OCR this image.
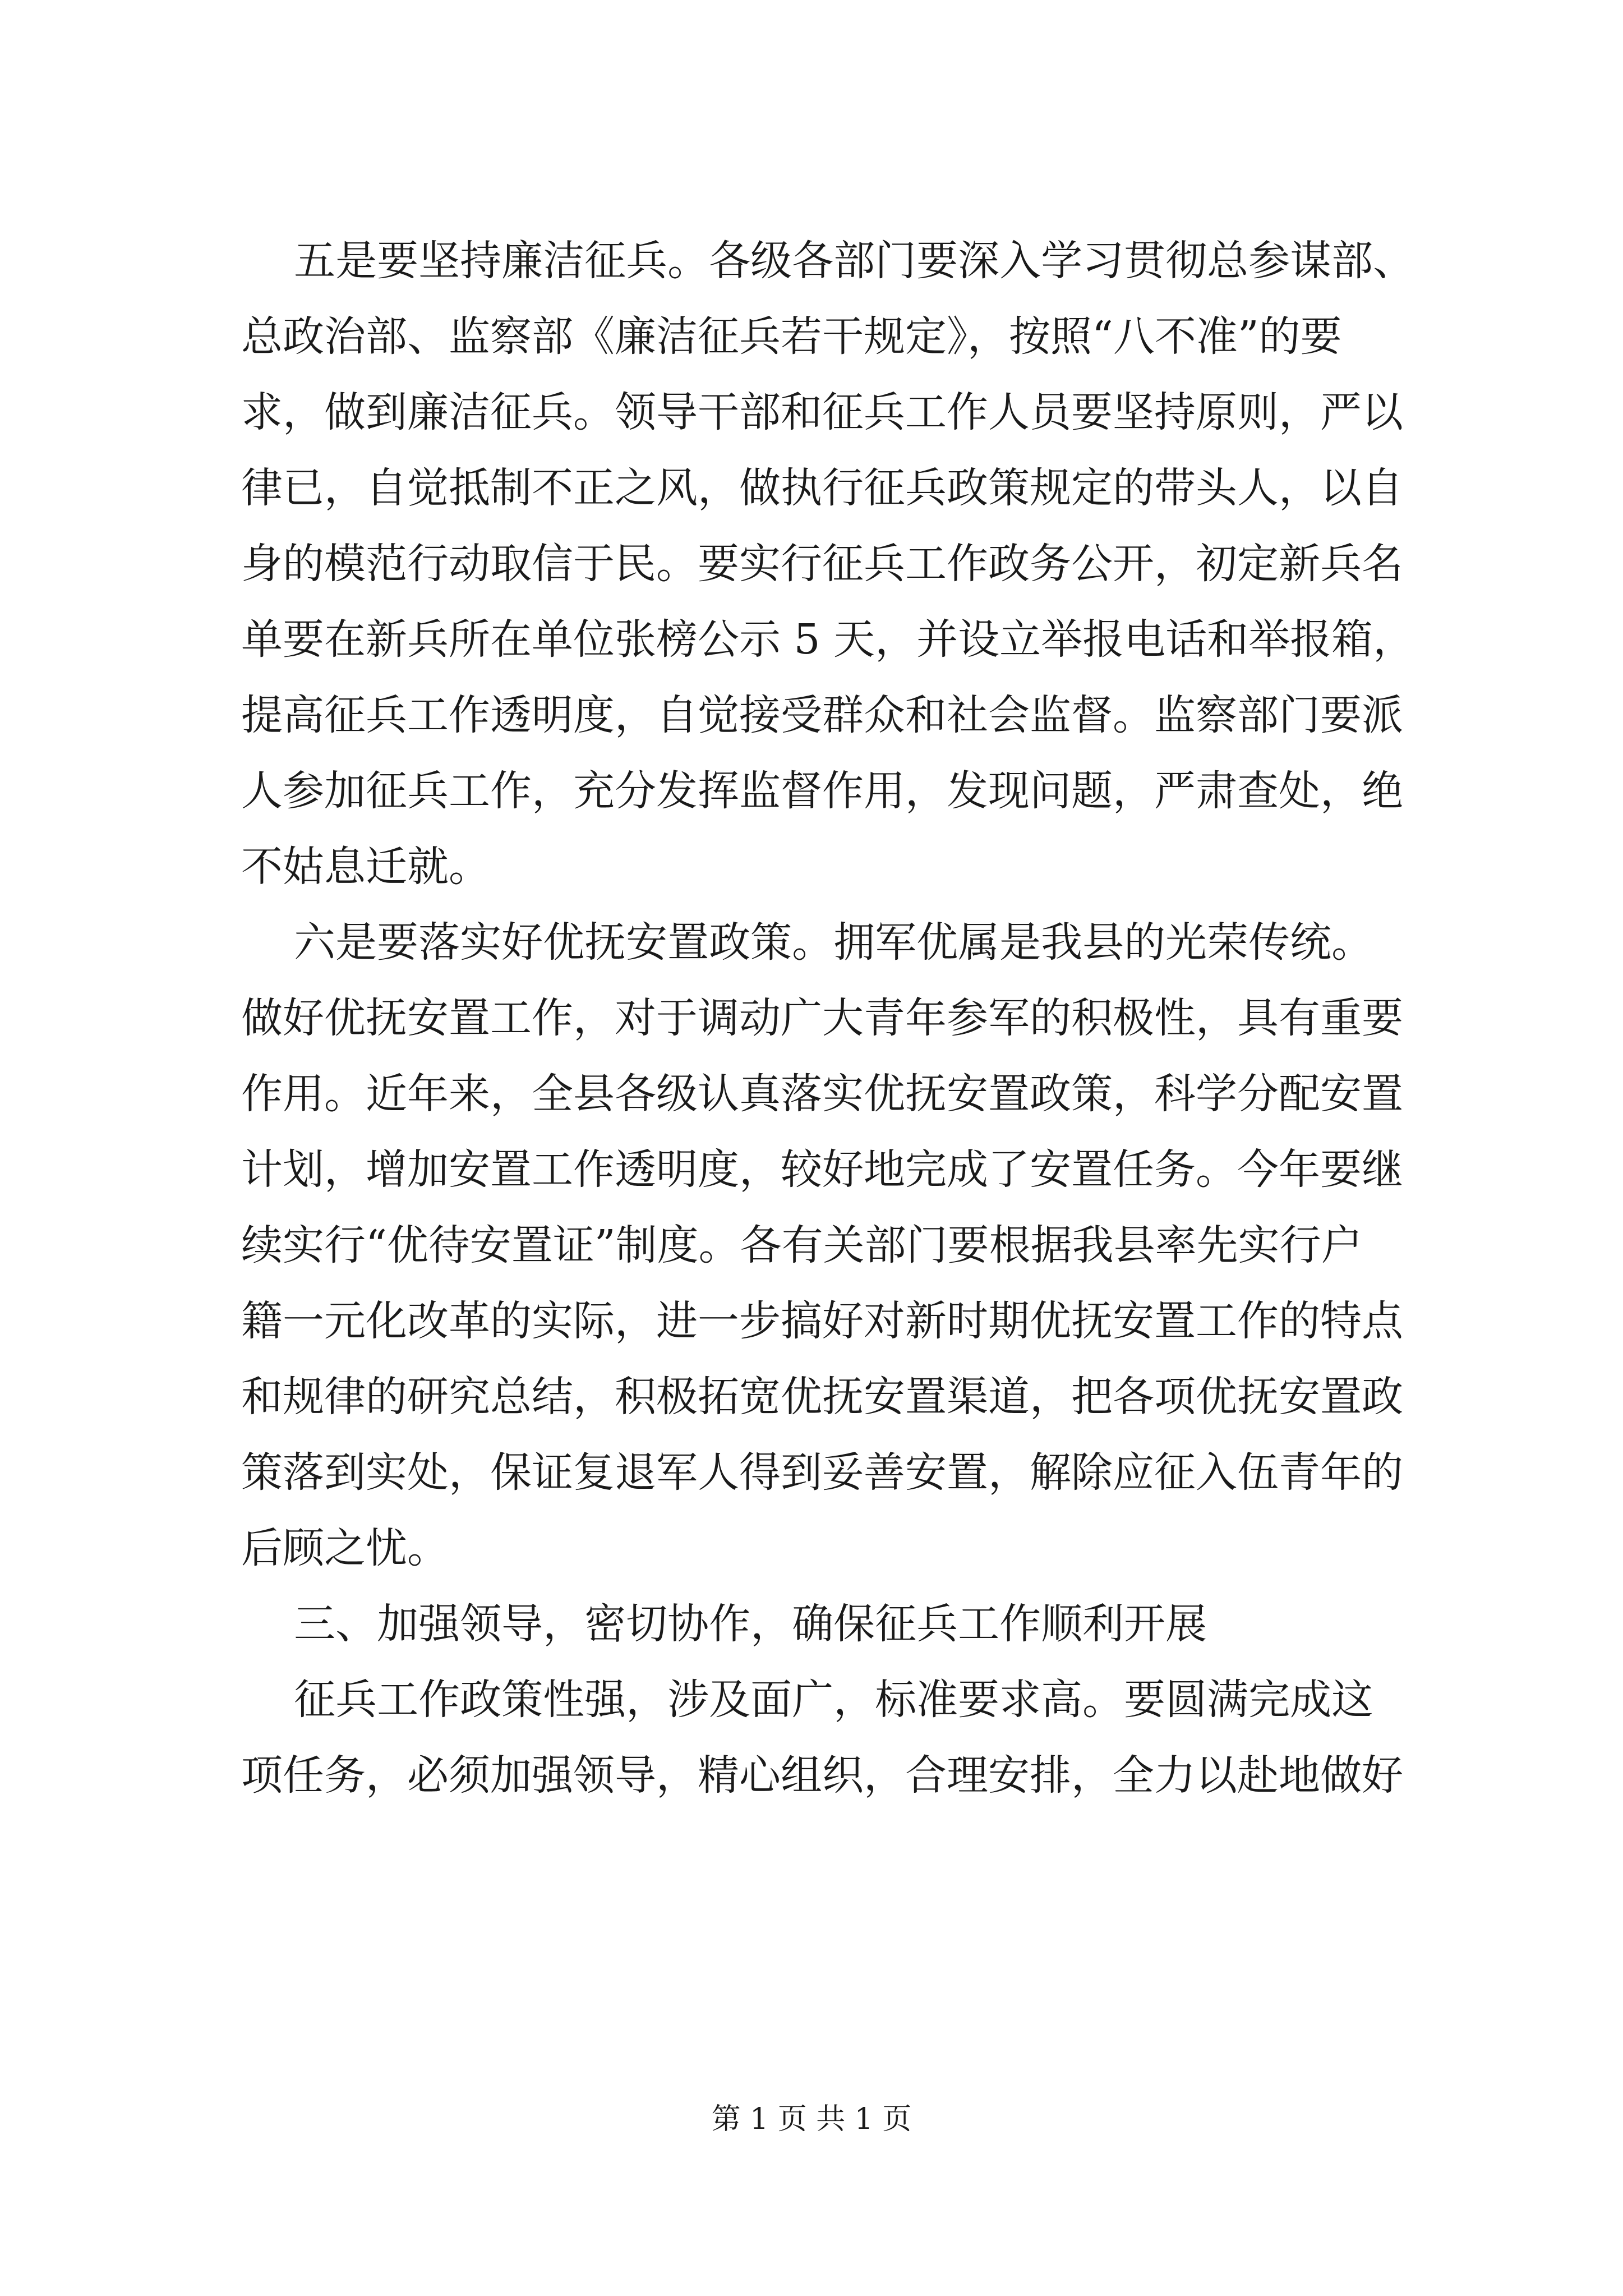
五是要坚持廉洁征兵。各级各部门要深入学习贯彻总参谋部、
总政治部、监察部《廉洁征兵若干规定》，按照“八不准”的要
求，做到廉洁征兵。领导干部和征兵工作人员要坚持原则，严以
律已，自觉抵制不正之风，做执行征兵政策规定的带头人，以自
身的模范行动取信于民。要实行征兵工作政务公开，初定新兵名
单要在新兵所在单位张榜公示 5 天，并设立举报电话和举报箱，
提高征兵工作透明度，自觉接受群众和社会监督。监察部门要派
人参加征兵工作，充分发挥监督作用，发现问题，严肃查处，绝
不姑息迁就。
六是要落实好优抚安置政策。拥军优属是我县的光荣传统。
做好优抚安置工作，对于调动广大青年参军的积极性，具有重要
作用。近年来，全县各级认真落实优抚安置政策，科学分配安置
计划，增加安置工作透明度，较好地完成了安置任务。今年要继
续实行“优待安置证”制度。各有关部门要根据我县率先实行户
籍一元化改革的实际，进一步搞好对新时期优抚安置工作的特点
和规律的研究总结，积极拓宽优抚安置渠道，把各项优抚安置政
策落到实处，保证复退军人得到妥善安置，解除应征入伍青年的
后顾之忧。
三、加强领导，密切协作，确保征兵工作顺利开展
征兵工作政策性强，涉及面广，标准要求高。要圆满完成这
项任务，必须加强领导，精心组织，合理安排，全力以赴地做好
第 1 页 共 1 页
